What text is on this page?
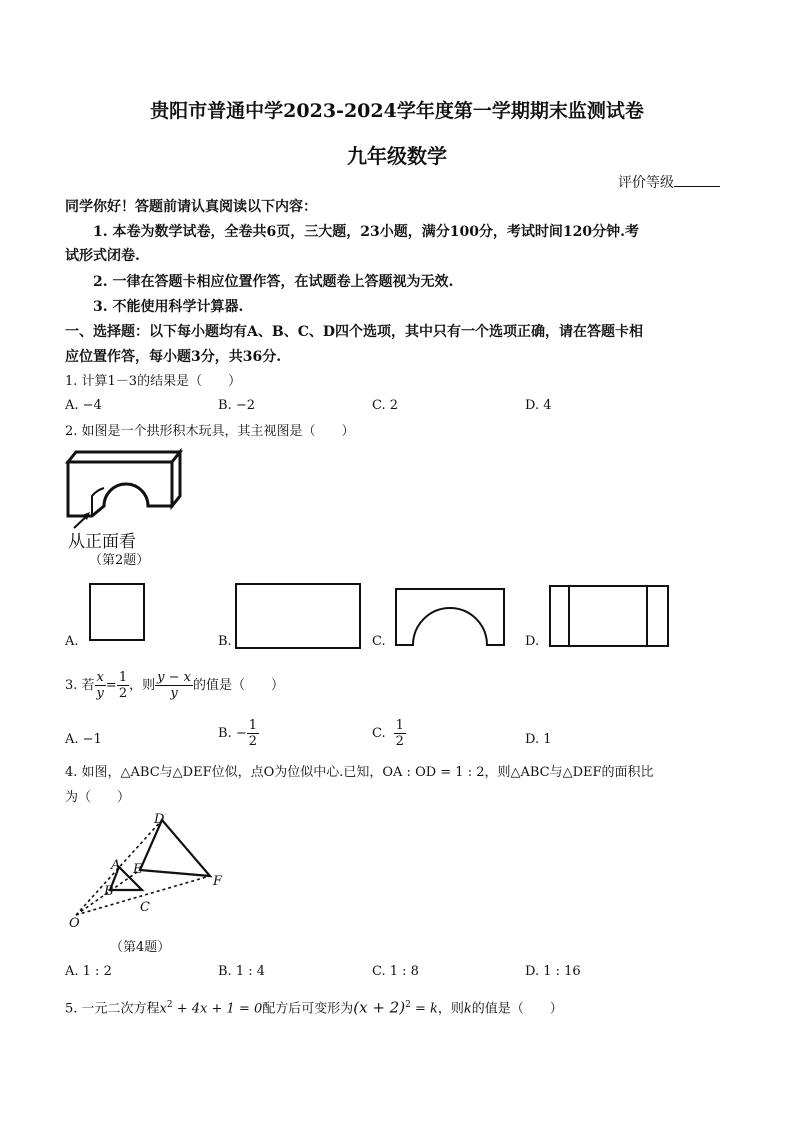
贵阳市普通中学2023-2024学年度第一学期期末监测试卷
九年级数学
评价等级
同学你好！答题前请认真阅读以下内容：
1. 本卷为数学试卷，全卷共6页，三大题，23小题，满分100分，考试时间120分钟.考
试形式闭卷.
2. 一律在答题卡相应位置作答，在试题卷上答题视为无效.
3. 不能使用科学计算器.
一、选择题：以下每小题均有A、B、C、D四个选项，其中只有一个选项正确，请在答题卡相
应位置作答，每小题3分，共36分.
1. 计算1－3的结果是（　　）
A. −4	B. −2	C. 2	D. 4
2. 如图是一个拱形积木玩具，其主视图是（　　）
从正面看
（第2题）
A.	B.	C.	D.
3. 若 $\frac{x}{y} = \frac{1}{2}$ ，则 $\frac{y - x}{y}$ 的值是（　　）
A. −1	B. − $\frac{1}{2}$	C. $\frac{1}{2}$	D. 1
4. 如图，△ABC与△DEF位似，点O为位似中心.已知，OA : OD = 1 : 2，则△ABC与△DEF的面积比
为（　　）
D
A E
B
C
F
O
（第4题）
A. 1 : 2	B. 1 : 4	C. 1 : 8	D. 1 : 16
5. 一元二次方程$x^2 + 4x + 1 = 0$配方后可变形为$(x + 2)^2 = k$，则k的值是（　　）
